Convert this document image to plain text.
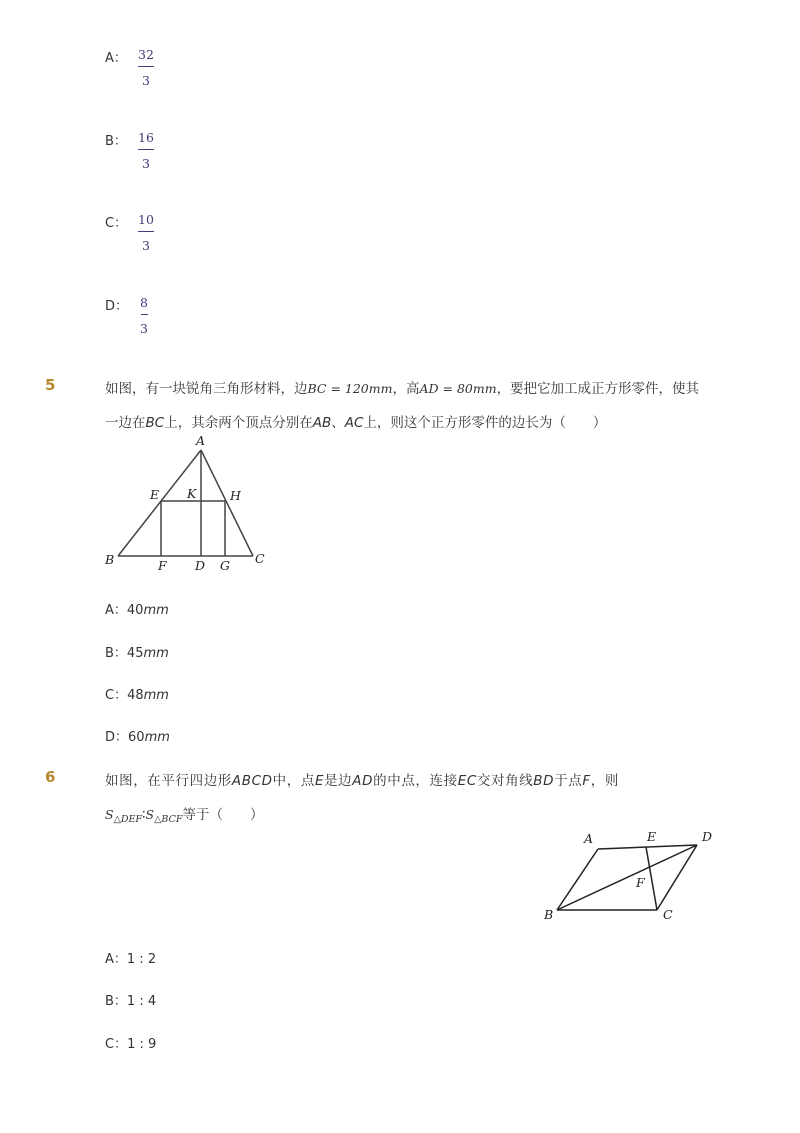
A： 32
3
B： 16
3
C： 10
3
D： 8
3
5	如图，有一块锐角三角形材料，边BC = 120mm，高AD = 80mm，要把它加工成正方形零件，使其
一边在BC上，其余两个顶点分别在AB、AC上，则这个正方形零件的边长为（　　）
A
E K	H
B	F D G C
A：40mm
B：45mm
C：48mm
D：60mm
6	如图，在平行四边形ABCD中，点E是边AD的中点，连接EC交对角线BD于点F，则
$S_{\triangle DEF}∶S_{\triangle BCF}$等于（　　）
A	E	D
F
B	C
A：1 : 2
B：1 : 4
C：1 : 9
